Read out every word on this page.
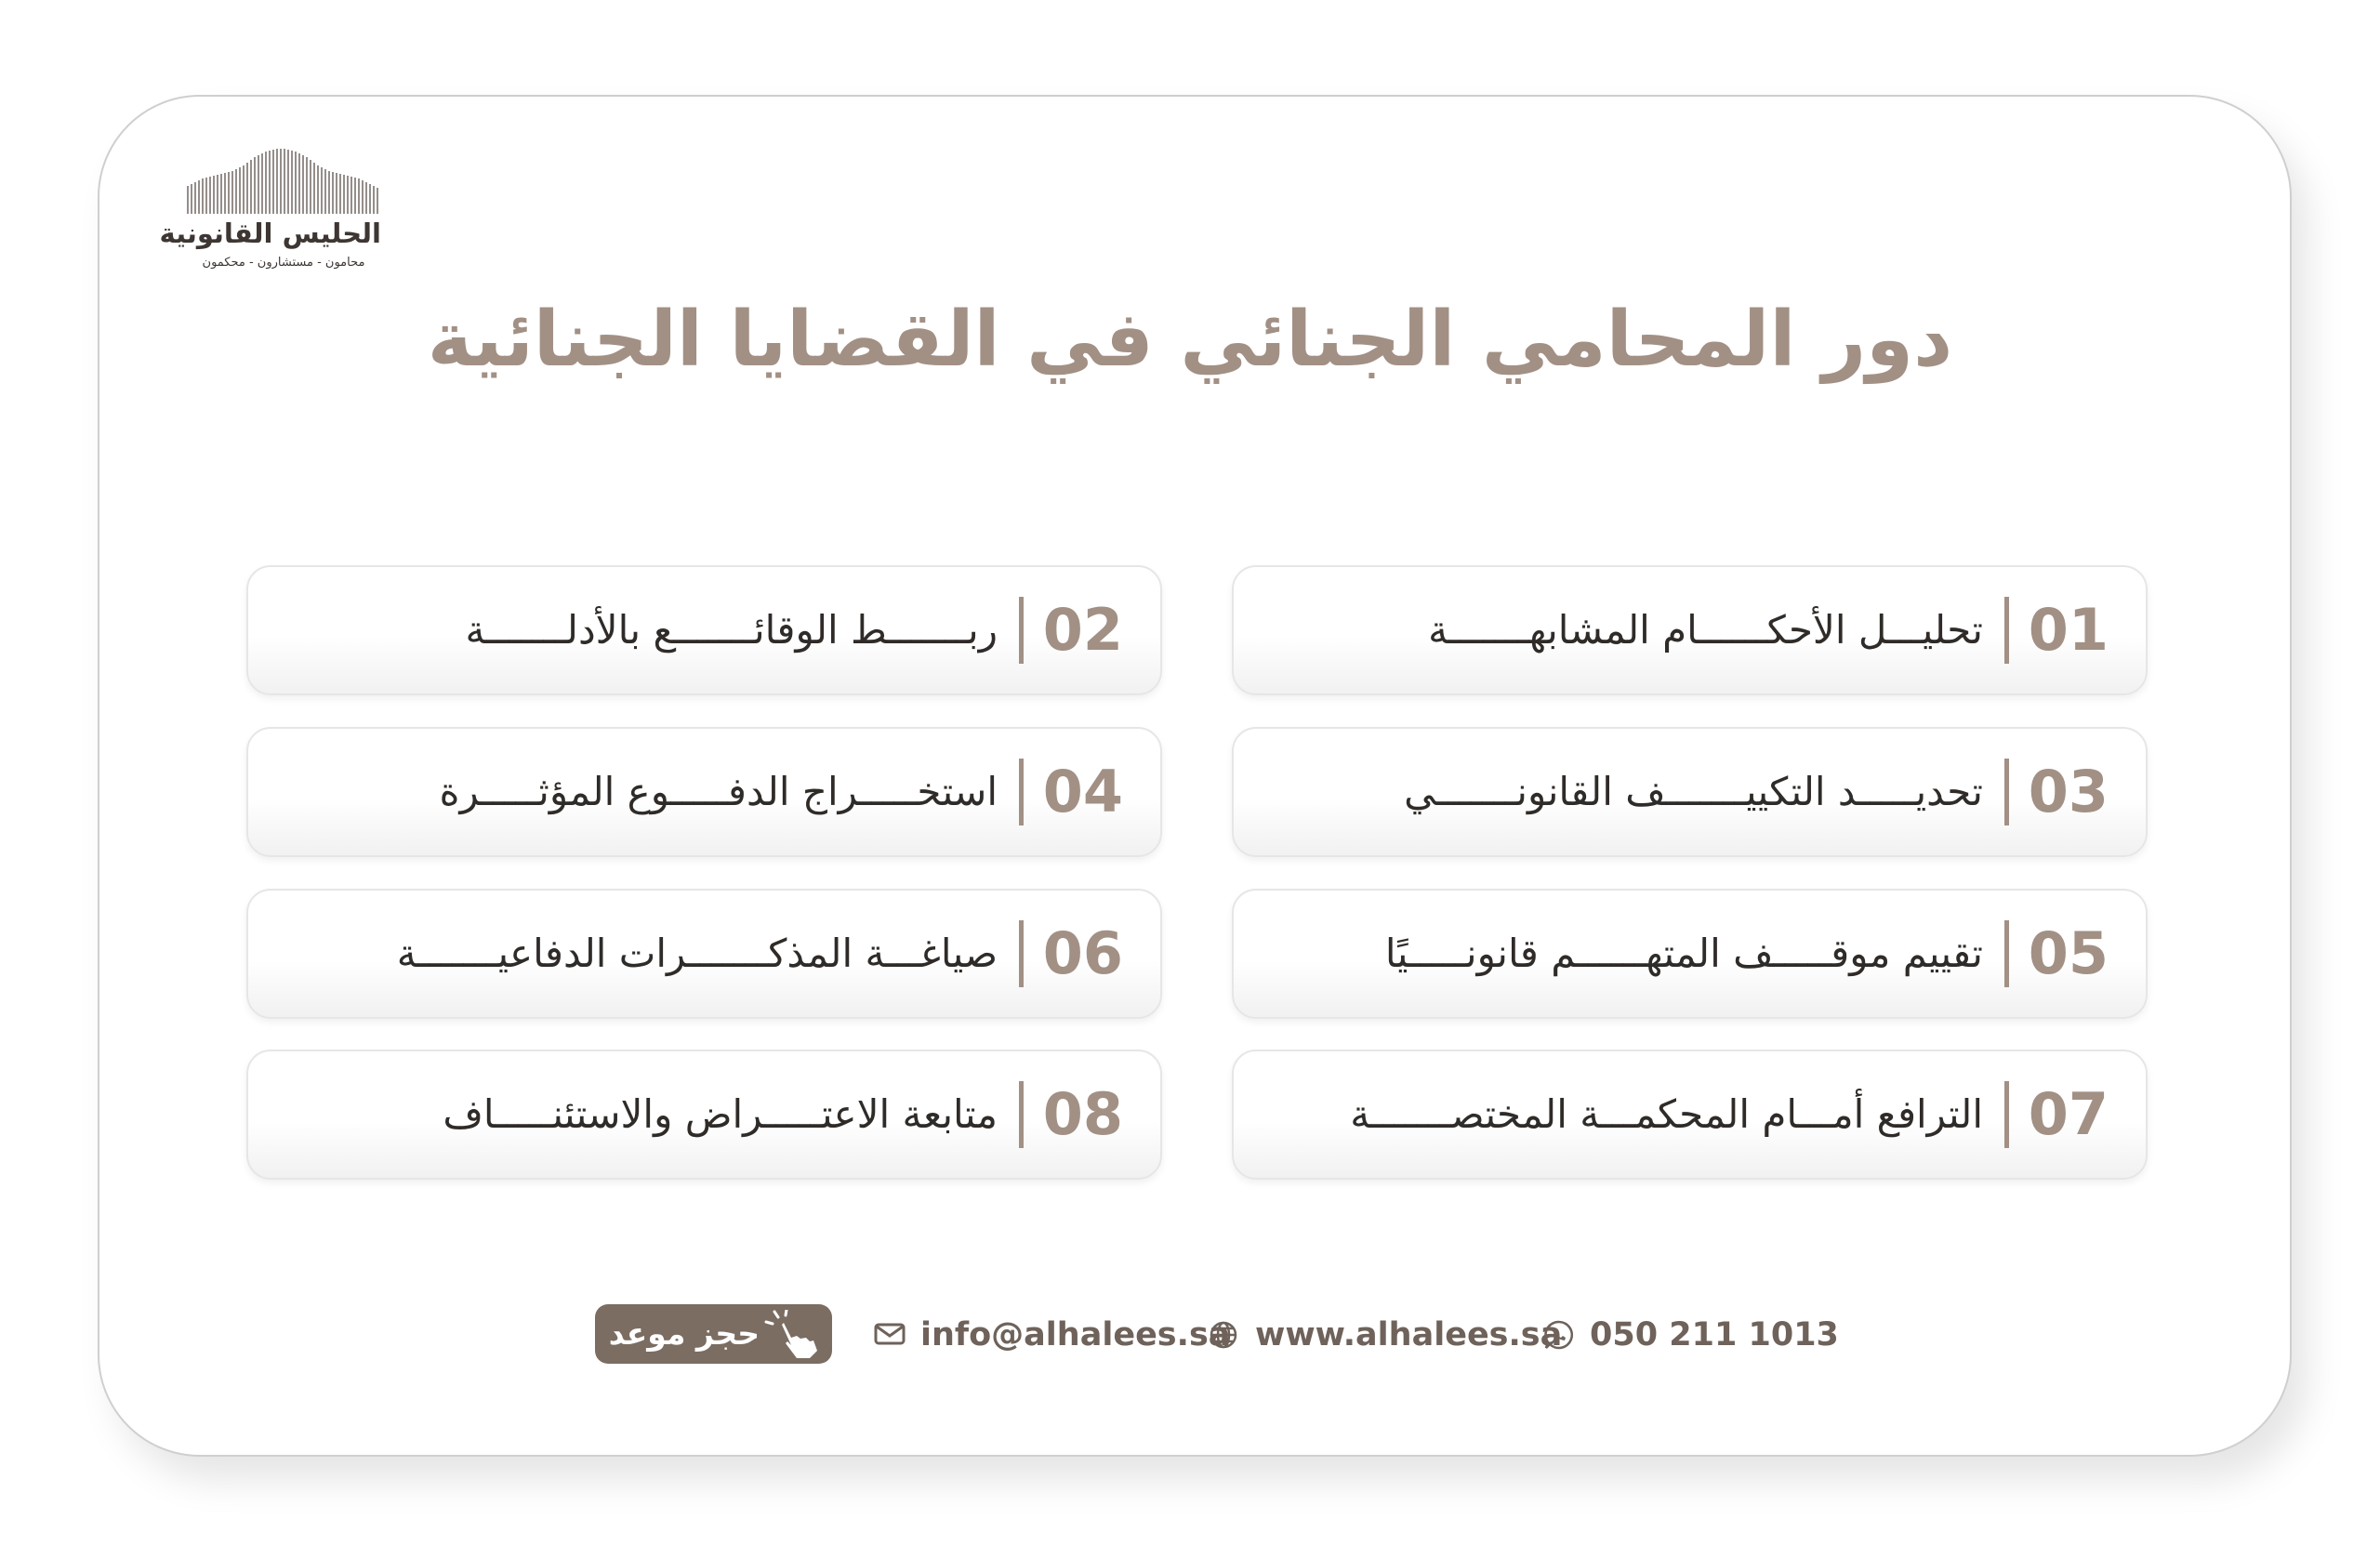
الحليس القانونية
محامون - مستشارون - محكمون
دور المحامي الجنائي في القضايا الجنائية
01
تحليـــل الأحكــــــام المشابهـــــــة
02
ربـــــــط الوقائـــــــع بالأدلـــــــة
03
تحديـــــد التكييـــــــف القانونـــــــي
04
استخـــــراج الدفـــــوع المؤثـــــرة
05
تقييم موقـــــف المتهــــــم قانونـــــيًا
06
صياغـــة المذكـــــــرات الدفاعيـــــــة
07
الترافع أمـــام المحكمـــة المختصـــــــة
08
متابعة الاعتـــــراض والاستئنـــــاف
حجز موعد	info@alhalees.sa www.alhalees.sa 050 211 1013
